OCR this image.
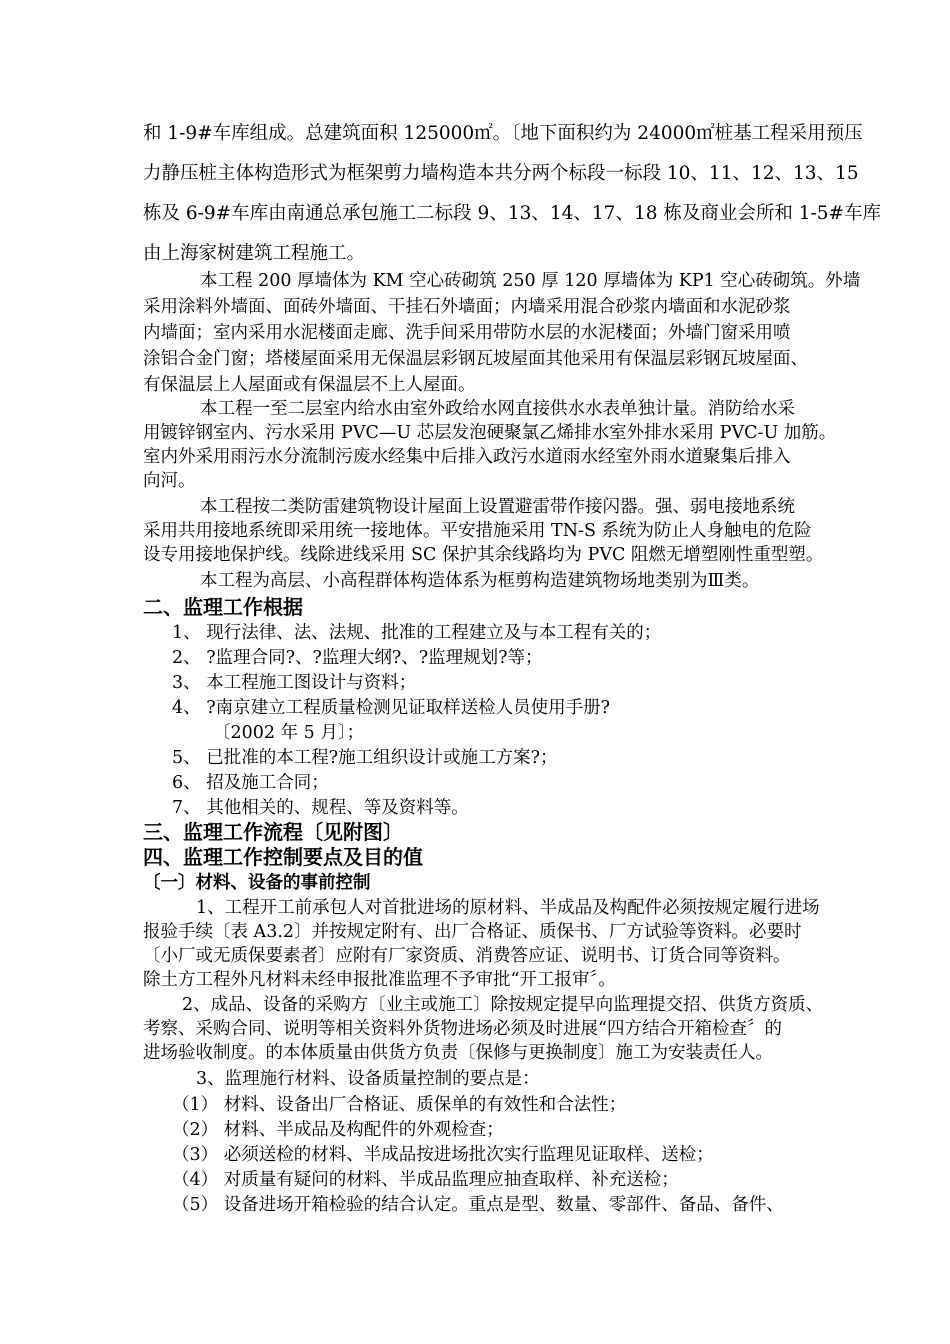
和 1-9#车库组成。总建筑面积 125000㎡。〔地下面积约为 24000㎡桩基工程采用预压
力静压桩主体构造形式为框架剪力墙构造本共分两个标段一标段 10、11、12、13、15
栋及 6-9#车库由南通总承包施工二标段 9、13、14、17、18 栋及商业会所和 1-5#车库
由上海家树建筑工程施工。
本工程 200 厚墙体为 KM 空心砖砌筑 250 厚 120 厚墙体为 KP1 空心砖砌筑。外墙
采用涂料外墙面、面砖外墙面、干挂石外墙面；内墙采用混合砂浆内墙面和水泥砂浆
内墙面；室内采用水泥楼面走廊、洗手间采用带防水层的水泥楼面；外墙门窗采用喷
涂铝合金门窗；塔楼屋面采用无保温层彩钢瓦坡屋面其他采用有保温层彩钢瓦坡屋面、
有保温层上人屋面或有保温层不上人屋面。
本工程一至二层室内给水由室外政给水网直接供水水表单独计量。消防给水采
用镀锌钢室内、污水采用 PVC—U 芯层发泡硬聚氯乙烯排水室外排水采用 PVC-U 加筋。
室内外采用雨污水分流制污废水经集中后排入政污水道雨水经室外雨水道聚集后排入
向河。
本工程按二类防雷建筑物设计屋面上设置避雷带作接闪器。强、弱电接地系统
采用共用接地系统即采用统一接地体。平安措施采用 TN-S 系统为防止人身触电的危险
设专用接地保护线。线除进线采用 SC 保护其余线路均为 PVC 阻燃无增塑刚性重型塑。
本工程为高层、小高程群体构造体系为框剪构造建筑物场地类别为Ⅲ类。
二、监理工作根据
1、 现行法律、法、法规、批准的工程建立及与本工程有关的；
2、 ?监理合同?、?监理大纲?、?监理规划?等；
3、 本工程施工图设计与资料；
4、 ?南京建立工程质量检测见证取样送检人员使用手册?
〔2002 年 5 月〕；
5、 已批准的本工程?施工组织设计或施工方案?；
6、 招及施工合同；
7、 其他相关的、规程、等及资料等。
三、监理工作流程〔见附图〕
四、监理工作控制要点及目的值
〔一〕材料、设备的事前控制
1、工程开工前承包人对首批进场的原材料、半成品及构配件必须按规定履行进场
报验手续〔表 A3.2〕并按规定附有、出厂合格证、质保书、厂方试验等资料。必要时
〔小厂或无质保要素者〕应附有厂家资质、消费答应证、说明书、订货合同等资料。
除土方工程外凡材料未经申报批准监理不予审批“开工报审〞。
2、成品、设备的采购方〔业主或施工〕除按规定提早向监理提交招、供货方资质、
考察、采购合同、说明等相关资料外货物进场必须及时进展“四方结合开箱检查〞的
进场验收制度。的本体质量由供货方负责〔保修与更换制度〕施工为安装责任人。
3、监理施行材料、设备质量控制的要点是：
（1） 材料、设备出厂合格证、质保单的有效性和合法性；
（2） 材料、半成品及构配件的外观检查；
（3） 必须送检的材料、半成品按进场批次实行监理见证取样、送检；
（4） 对质量有疑问的材料、半成品监理应抽查取样、补充送检；
（5） 设备进场开箱检验的结合认定。重点是型、数量、零部件、备品、备件、
